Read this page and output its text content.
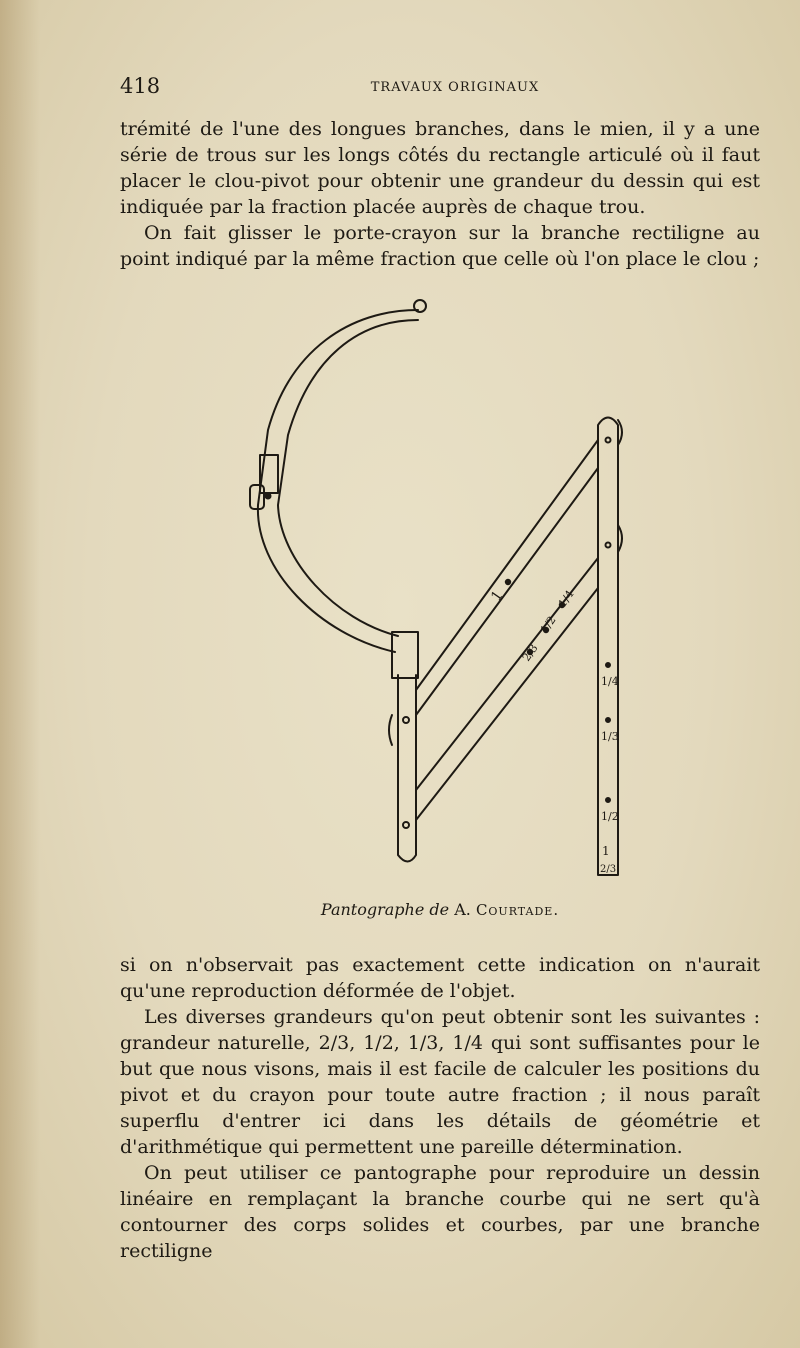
418	TRAVAUX ORIGINAUX

trémité de l'une des longues branches, dans le mien, il y a une série de trous sur les longs côtés du rectangle articulé où il faut placer le clou-pivot pour obtenir une grandeur du dessin qui est indiquée par la fraction placée auprès de chaque trou.

On fait glisser le porte-crayon sur la branche rectiligne au point indiqué par la même fraction que celle où l'on place le clou ;

1	1/4
1/2
2/3
1/4
1/3
1/2
1
2/3
Pantographe de A. Courtade.

si on n'observait pas exactement cette indication on n'aurait qu'une reproduction déformée de l'objet.

Les diverses grandeurs qu'on peut obtenir sont les suivantes : grandeur naturelle, 2/3, 1/2, 1/3, 1/4 qui sont suffisantes pour le but que nous visons, mais il est facile de calculer les positions du pivot et du crayon pour toute autre fraction ; il nous paraît superflu d'entrer ici dans les détails de géométrie et d'arithmétique qui permettent une pareille détermination.

On peut utiliser ce pantographe pour reproduire un dessin linéaire en remplaçant la branche courbe qui ne sert qu'à contourner des corps solides et courbes, par une branche rectiligne
